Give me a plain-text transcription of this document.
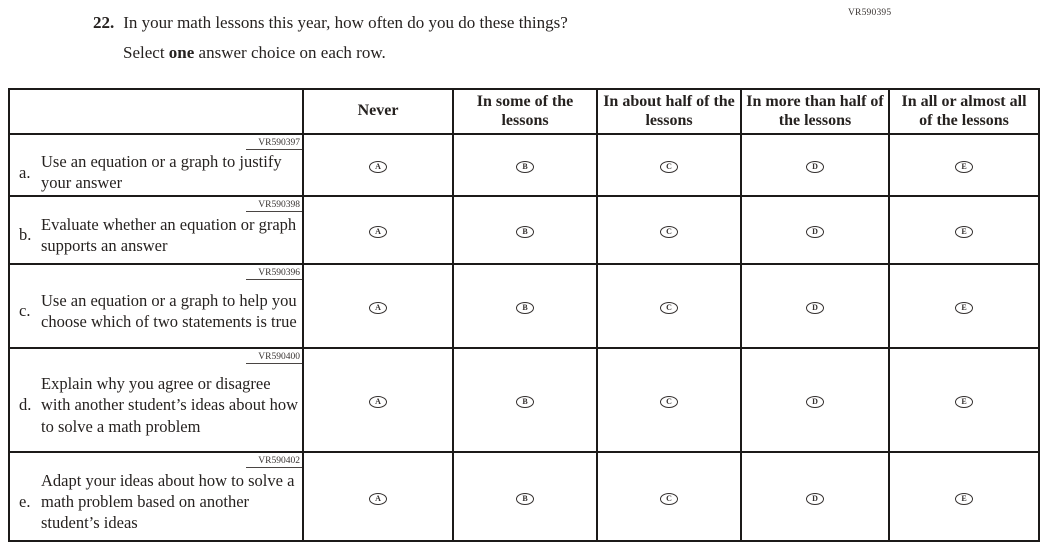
VR590395
22. In your math lessons this year, how often do you do these things?
Select one answer choice on each row.
	Never	In some of the lessons	In about half of the lessons	In more than half of the lessons	In all or almost all of the lessons

VR590397
a.
Use an equation or a graph to justify your answer	A	B	C	D	E

VR590398
b.
Evaluate whether an equation or graph supports an answer	A	B	C	D	E

VR590396
c.
Use an equation or a graph to help you choose which of two statements is true	A	B	C	D	E

VR590400
d.
Explain why you agree or disagree with another student’s ideas about how to solve a math problem	A	B	C	D	E

VR590402
e.
Adapt your ideas about how to solve a math problem based on another student’s ideas	A	B	C	D	E
